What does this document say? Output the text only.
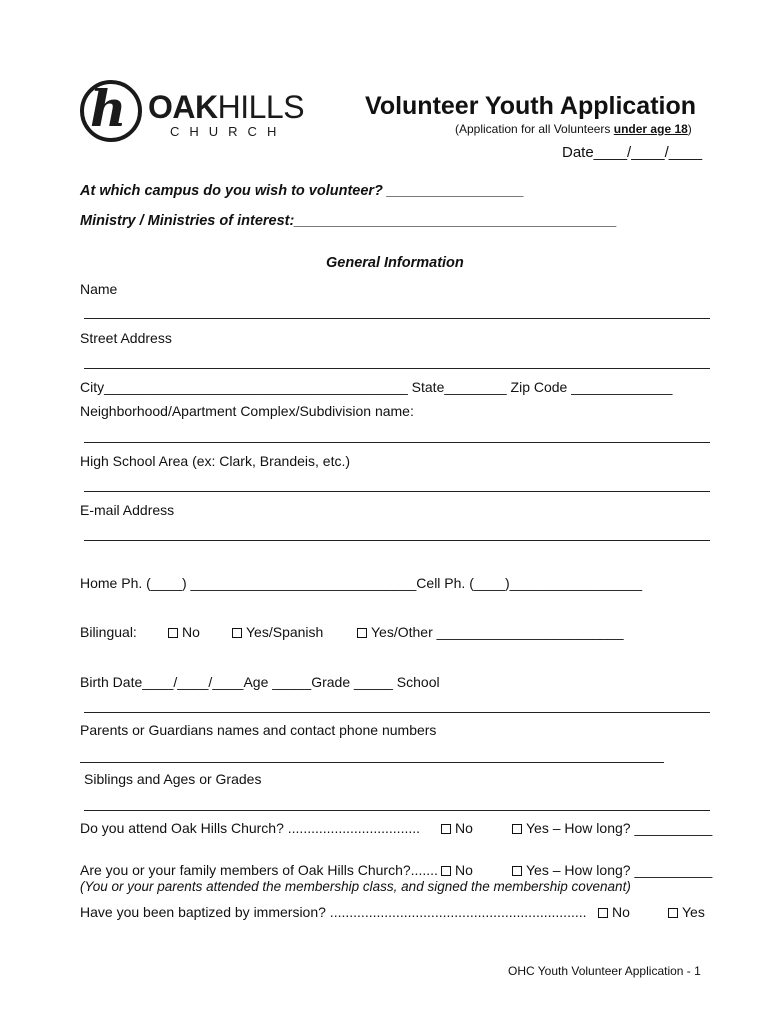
h OAKHILLS
CHURCH
Volunteer Youth Application
(Application for all Volunteers under age 18)
Date____/____/____
At which campus do you wish to volunteer? _________________
Ministry / Ministries of interest:________________________________________
General Information
Name
Street Address
City_______________________________________ State________ Zip Code _____________
Neighborhood/Apartment Complex/Subdivision name:
High School Area (ex: Clark, Brandeis, etc.)
E-mail Address
Home Ph. (____) _____________________________Cell Ph. (____)_________________
Bilingual:	No	Yes/Spanish	Yes/Other ________________________
Birth Date____/____/____Age _____Grade _____ School
Parents or Guardians names and contact phone numbers
Siblings and Ages or Grades
Do you attend Oak Hills Church? ..................................	No	Yes – How long? __________
Are you or your family members of Oak Hills Church?.......	No	Yes – How long? __________
(You or your parents attended the membership class, and signed the membership covenant)
Have you been baptized by immersion? ..................................................................	No	Yes
OHC Youth Volunteer Application - 1
